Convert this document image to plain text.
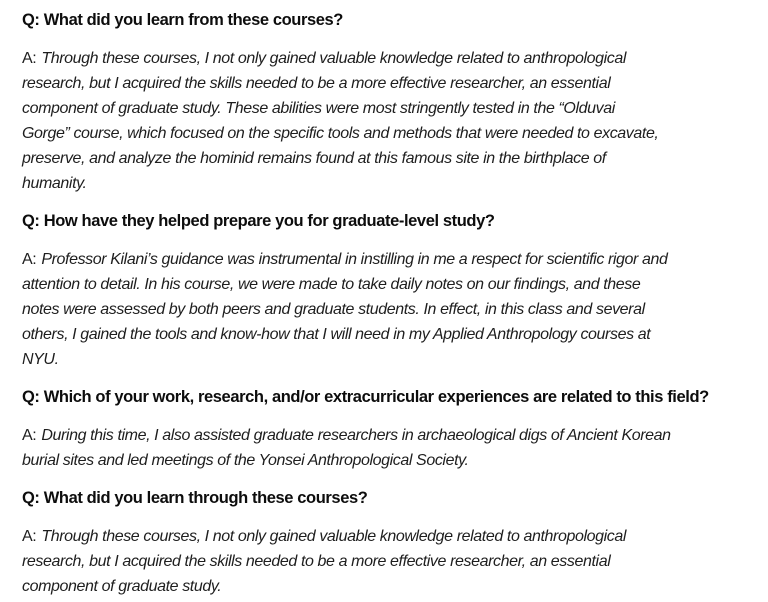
Q: What did you learn from these courses?
A: Through these courses, I not only gained valuable knowledge related to anthropological
research, but I acquired the skills needed to be a more effective researcher, an essential
component of graduate study. These abilities were most stringently tested in the “Olduvai
Gorge” course, which focused on the specific tools and methods that were needed to excavate,
preserve, and analyze the hominid remains found at this famous site in the birthplace of
humanity.
Q: How have they helped prepare you for graduate-level study?
A: Professor Kilani’s guidance was instrumental in instilling in me a respect for scientific rigor and
attention to detail. In his course, we were made to take daily notes on our findings, and these
notes were assessed by both peers and graduate students. In effect, in this class and several
others, I gained the tools and know-how that I will need in my Applied Anthropology courses at
NYU.
Q: Which of your work, research, and/or extracurricular experiences are related to this field?
A: During this time, I also assisted graduate researchers in archaeological digs of Ancient Korean
burial sites and led meetings of the Yonsei Anthropological Society.
Q: What did you learn through these courses?
A: Through these courses, I not only gained valuable knowledge related to anthropological
research, but I acquired the skills needed to be a more effective researcher, an essential
component of graduate study.
